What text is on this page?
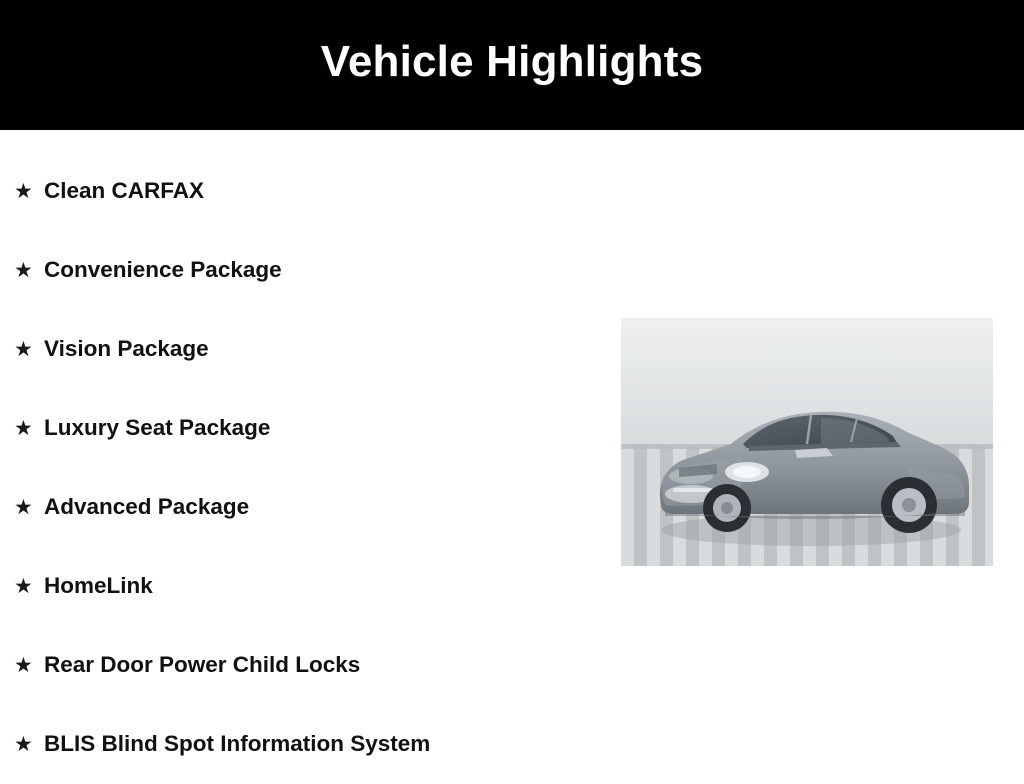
Vehicle Highlights
★ Clean CARFAX
★ Convenience Package
★ Vision Package
★ Luxury Seat Package
★ Advanced Package
★ HomeLink
★ Rear Door Power Child Locks
★ BLIS Blind Spot Information System
